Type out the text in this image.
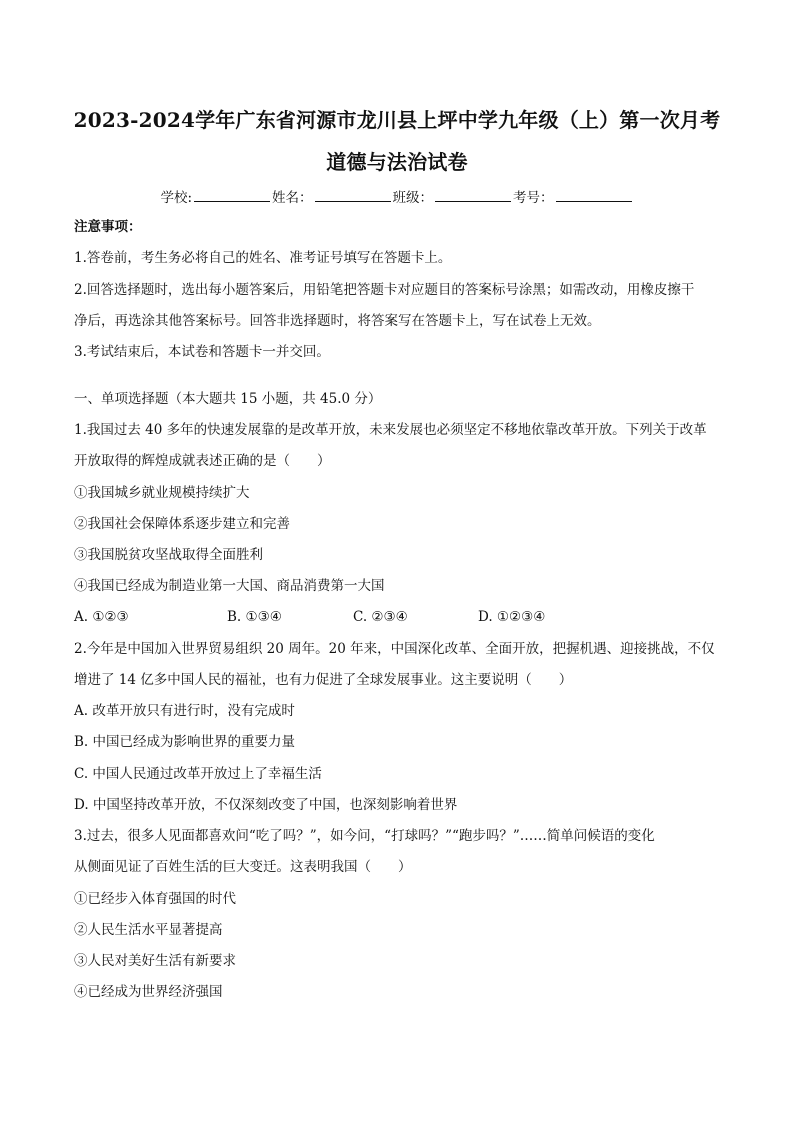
2023-2024学年广东省河源市龙川县上坪中学九年级（上）第一次月考
道德与法治试卷
学校:	姓名：	班级：	考号：
注意事项：
1.答卷前，考生务必将自己的姓名、准考证号填写在答题卡上。
2.回答选择题时，选出每小题答案后，用铅笔把答题卡对应题目的答案标号涂黑；如需改动，用橡皮擦干
净后，再选涂其他答案标号。回答非选择题时，将答案写在答题卡上，写在试卷上无效。
3.考试结束后，本试卷和答题卡一并交回。
一、单项选择题（本大题共 15 小题，共 45.0 分）
1.我国过去 40 多年的快速发展靠的是改革开放，未来发展也必须坚定不移地依靠改革开放。下列关于改革
开放取得的辉煌成就表述正确的是（　　）
①我国城乡就业规模持续扩大
②我国社会保障体系逐步建立和完善
③我国脱贫攻坚战取得全面胜利
④我国已经成为制造业第一大国、商品消费第一大国
A. ①②③	B. ①③④	C. ②③④	D. ①②③④
2.今年是中国加入世界贸易组织 20 周年。20 年来，中国深化改革、全面开放，把握机遇、迎接挑战，不仅
增进了 14 亿多中国人民的福祉，也有力促进了全球发展事业。这主要说明（　　）
A. 改革开放只有进行时，没有完成时
B. 中国已经成为影响世界的重要力量
C. 中国人民通过改革开放过上了幸福生活
D. 中国坚持改革开放，不仅深刻改变了中国，也深刻影响着世界
3.过去，很多人见面都喜欢问“吃了吗？”，如今问，“打球吗？”“跑步吗？”……简单问候语的变化
从侧面见证了百姓生活的巨大变迁。这表明我国（　　）
①已经步入体育强国的时代
②人民生活水平显著提高
③人民对美好生活有新要求
④已经成为世界经济强国
